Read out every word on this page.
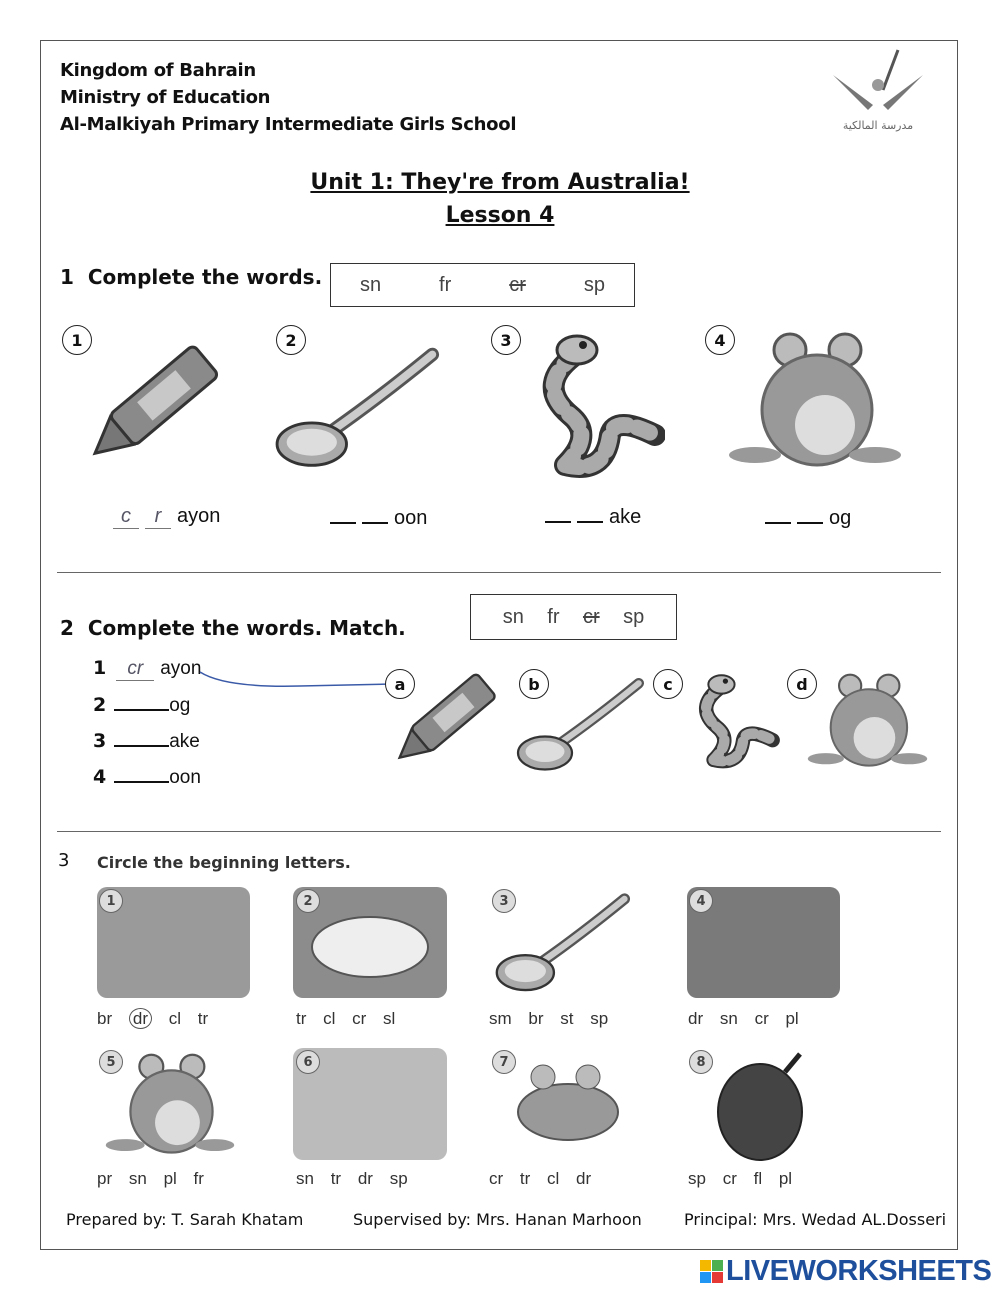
Kingdom of Bahrain
Ministry of Education
Al-Malkiyah Primary Intermediate Girls School	مدرسة المالكية
Unit 1: They're from Australia!
Lesson 4
1 Complete the words. sn	fr	cr	sp
1	2	3	4
c r ayon	oon	ake	og
2 Complete the words. Match.	sn fr cr sp
1 cr ayon
2	og
3	ake
4	oon
a	b	c	d
3 Circle the beginning letters.
1	2	3	4
5	6	7	8
br dr cl tr	tr cl cr sl	sm br st sp	dr sn cr pl
pr sn pl fr	sn tr dr sp	cr tr cl dr	sp cr fl pl
Prepared by: T. Sarah Khatam	Supervised by: Mrs. Hanan Marhoon	Principal: Mrs. Wedad AL.Dosseri
LIVEWORKSHEETS
